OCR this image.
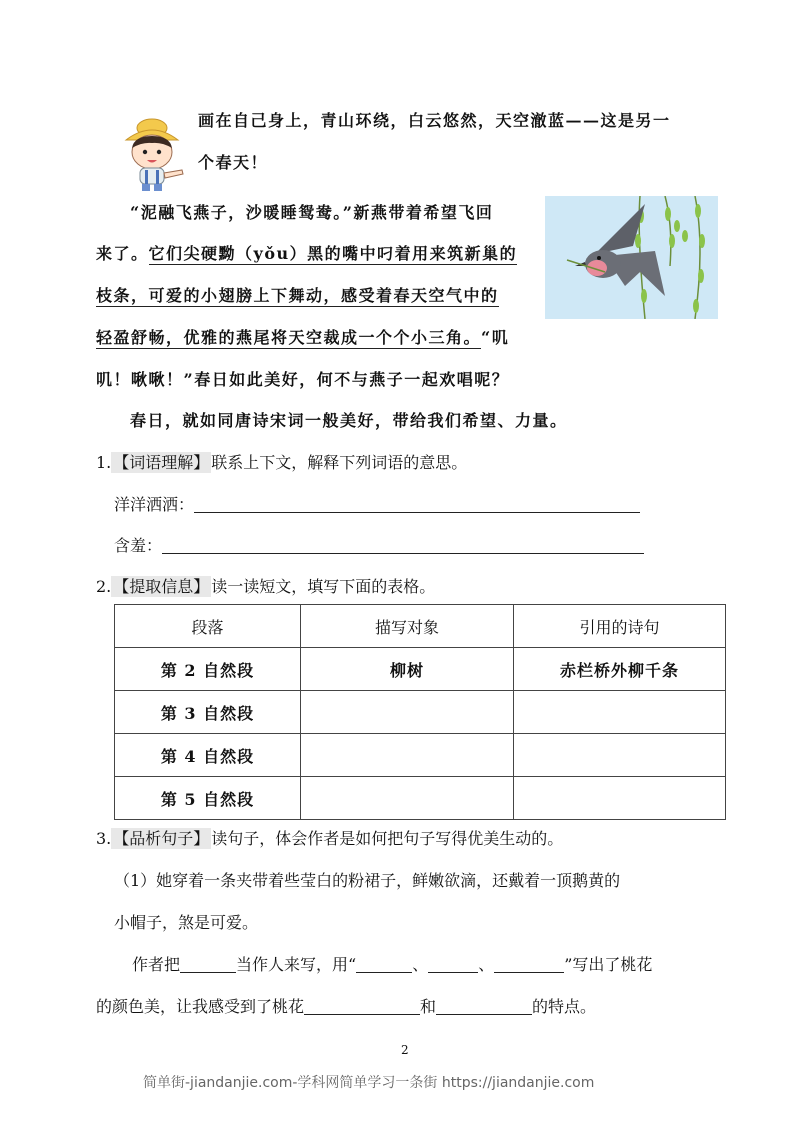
画在自己身上，青山环绕，白云悠然，天空澈蓝——这是另一
个春天！
“泥融飞燕子，沙暖睡鸳鸯。”新燕带着希望飞回
来了。它们尖硬黝（yǒu）黑的嘴中叼着用来筑新巢的
枝条，可爱的小翅膀上下舞动，感受着春天空气中的
轻盈舒畅，优雅的燕尾将天空裁成一个个小三角。“叽
叽！啾啾！”春日如此美好，何不与燕子一起欢唱呢？
春日，就如同唐诗宋词一般美好，带给我们希望、力量。
1. 【词语理解】 联系上下文，解释下列词语的意思。
洋洋洒洒：
含羞：
2. 【提取信息】 读一读短文，填写下面的表格。
段落	描写对象	引用的诗句
第 2 自然段	柳树	赤栏桥外柳千条
第 3 自然段		
第 4 自然段		
第 5 自然段		
3. 【品析句子】 读句子，体会作者是如何把句子写得优美生动的。
（1）她穿着一条夹带着些莹白的粉裙子，鲜嫩欲滴，还戴着一顶鹅黄的
小帽子，煞是可爱。
作者把	当作人来写，用“	、	、	”写出了桃花
的颜色美，让我感受到了桃花	和	的特点。
2
简单街-jiandanjie.com-学科网简单学习一条街 https://jiandanjie.com
